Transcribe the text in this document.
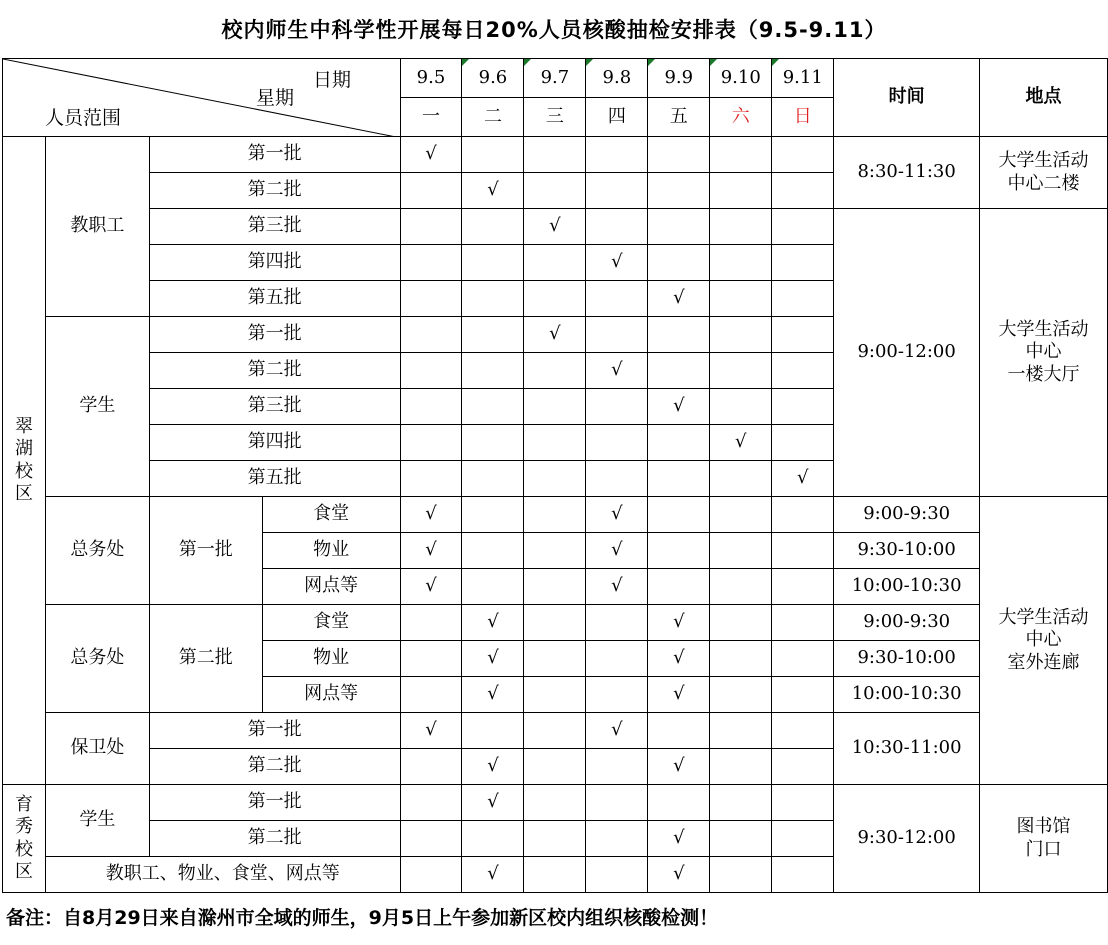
校内师生中科学性开展每日20%人员核酸抽检安排表（9.5-9.11）
日期
星期
人员范围				9.5	9.6	9.7	9.8	9.9	9.10	9.11	时间	地点
				一	二	三	四	五	六	日		
翠
湖
校
区	教职工	第一批		√							8:30-11:30	大学生活动
中心二楼
		第二批			√							
		第三批				√					9:00-12:00	大学生活动
中心
一楼大厅
		第四批					√					
		第五批						√				
	学生	第一批				√						
		第二批					√					
		第三批						√				
		第四批							√			
		第五批								√		
	总务处	第一批	食堂	√			√				9:00-9:30	大学生活动
中心
室外连廊
			物业	√			√				9:30-10:00	
			网点等	√			√				10:00-10:30	
	总务处	第二批	食堂		√			√			9:00-9:30	
			物业		√			√			9:30-10:00	
			网点等		√			√			10:00-10:30	
	保卫处	第一批		√			√				10:30-11:00	
		第二批			√			√				
育
秀
校
区	学生	第一批			√						9:30-12:00	图书馆
门口
		第二批						√				
	教职工、物业、食堂、网点等				√			√				
备注：自8月29日来自滁州市全域的师生，9月5日上午参加新区校内组织核酸检测！
